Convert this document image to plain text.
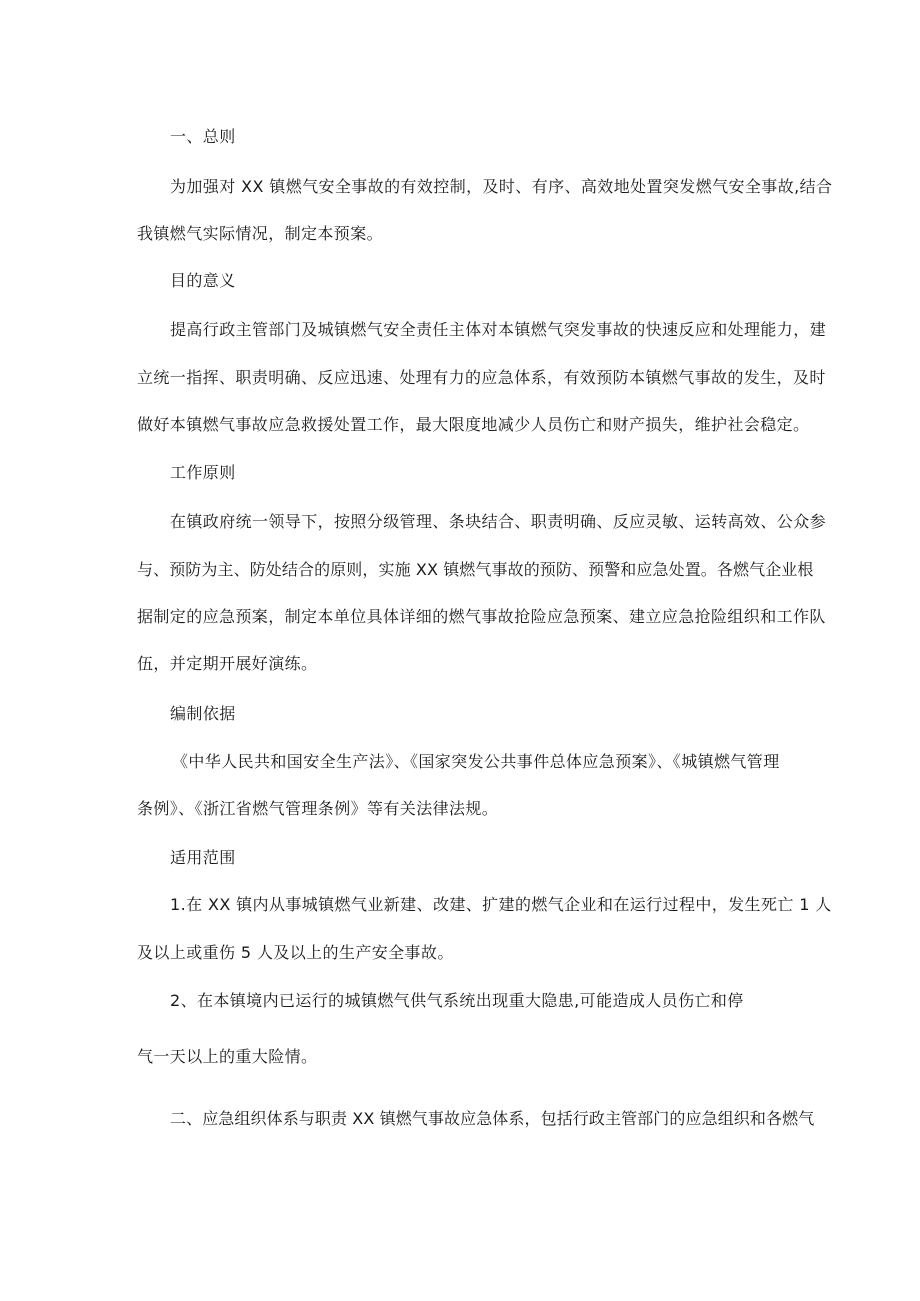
一、总则

为加强对 XX 镇燃气安全事故的有效控制，及时、有序、高效地处置突发燃气安全事故,结合

我镇燃气实际情况，制定本预案。

目的意义

提高行政主管部门及城镇燃气安全责任主体对本镇燃气突发事故的快速反应和处理能力，建

立统一指挥、职责明确、反应迅速、处理有力的应急体系，有效预防本镇燃气事故的发生，及时

做好本镇燃气事故应急救援处置工作，最大限度地减少人员伤亡和财产损失，维护社会稳定。

工作原则

在镇政府统一领导下，按照分级管理、条块结合、职责明确、反应灵敏、运转高效、公众参

与、预防为主、防处结合的原则，实施 XX 镇燃气事故的预防、预警和应急处置。各燃气企业根

据制定的应急预案，制定本单位具体详细的燃气事故抢险应急预案、建立应急抢险组织和工作队

伍，并定期开展好演练。

编制依据

《中华人民共和国安全生产法》、《国家突发公共事件总体应急预案》、《城镇燃气管理

条例》、《浙江省燃气管理条例》等有关法律法规。

适用范围

1.在 XX 镇内从事城镇燃气业新建、改建、扩建的燃气企业和在运行过程中，发生死亡 1 人

及以上或重伤 5 人及以上的生产安全事故。

2、在本镇境内已运行的城镇燃气供气系统出现重大隐患,可能造成人员伤亡和停

气一天以上的重大险情。

二、应急组织体系与职责 XX 镇燃气事故应急体系，包括行政主管部门的应急组织和各燃气
